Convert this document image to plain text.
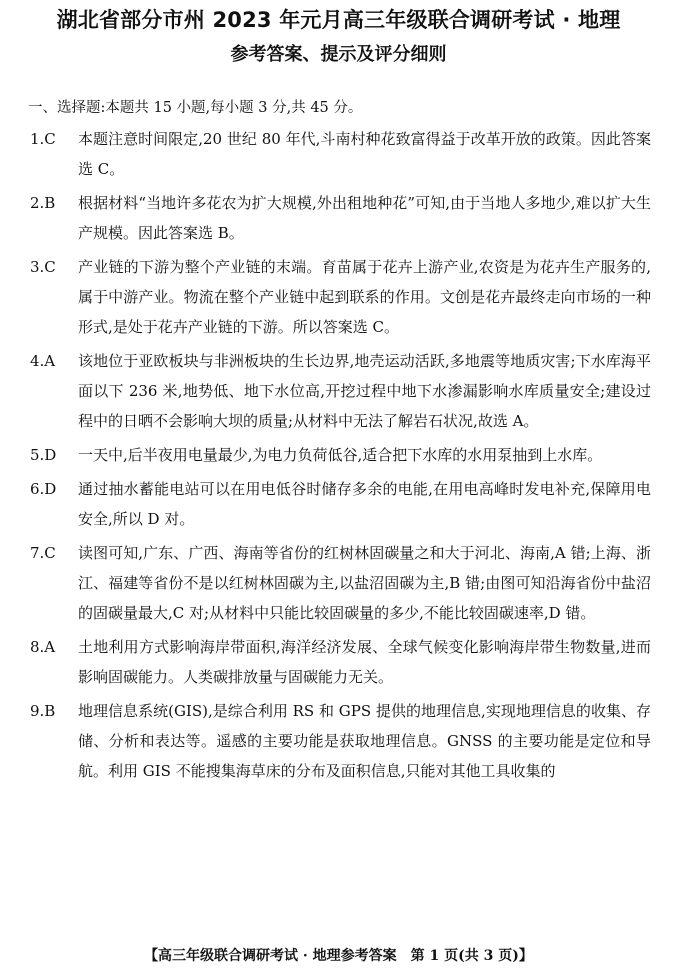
湖北省部分市州 2023 年元月高三年级联合调研考试 · 地理
参考答案、提示及评分细则
一、选择题:本题共 15 小题,每小题 3 分,共 45 分。
1.C	本题注意时间限定,20 世纪 80 年代,斗南村种花致富得益于改革开放的政策。因此答案选 C。
2.B	根据材料“当地许多花农为扩大规模,外出租地种花”可知,由于当地人多地少,难以扩大生产规模。因此答案选 B。
3.C	产业链的下游为整个产业链的末端。育苗属于花卉上游产业,农资是为花卉生产服务的,属于中游产业。物流在整个产业链中起到联系的作用。文创是花卉最终走向市场的一种形式,是处于花卉产业链的下游。所以答案选 C。
4.A	该地位于亚欧板块与非洲板块的生长边界,地壳运动活跃,多地震等地质灾害;下水库海平面以下 236 米,地势低、地下水位高,开挖过程中地下水渗漏影响水库质量安全;建设过程中的日晒不会影响大坝的质量;从材料中无法了解岩石状况,故选 A。
5.D	一天中,后半夜用电量最少,为电力负荷低谷,适合把下水库的水用泵抽到上水库。
6.D	通过抽水蓄能电站可以在用电低谷时储存多余的电能,在用电高峰时发电补充,保障用电安全,所以 D 对。
7.C	读图可知,广东、广西、海南等省份的红树林固碳量之和大于河北、海南,A 错;上海、浙江、福建等省份不是以红树林固碳为主,以盐沼固碳为主,B 错;由图可知沿海省份中盐沼的固碳量最大,C 对;从材料中只能比较固碳量的多少,不能比较固碳速率,D 错。
8.A	土地利用方式影响海岸带面积,海洋经济发展、全球气候变化影响海岸带生物数量,进而影响固碳能力。人类碳排放量与固碳能力无关。
9.B	地理信息系统(GIS),是综合利用 RS 和 GPS 提供的地理信息,实现地理信息的收集、存储、分析和表达等。遥感的主要功能是获取地理信息。GNSS 的主要功能是定位和导航。利用 GIS 不能搜集海草床的分布及面积信息,只能对其他工具收集的
【高三年级联合调研考试 · 地理参考答案　第 1 页(共 3 页)】
